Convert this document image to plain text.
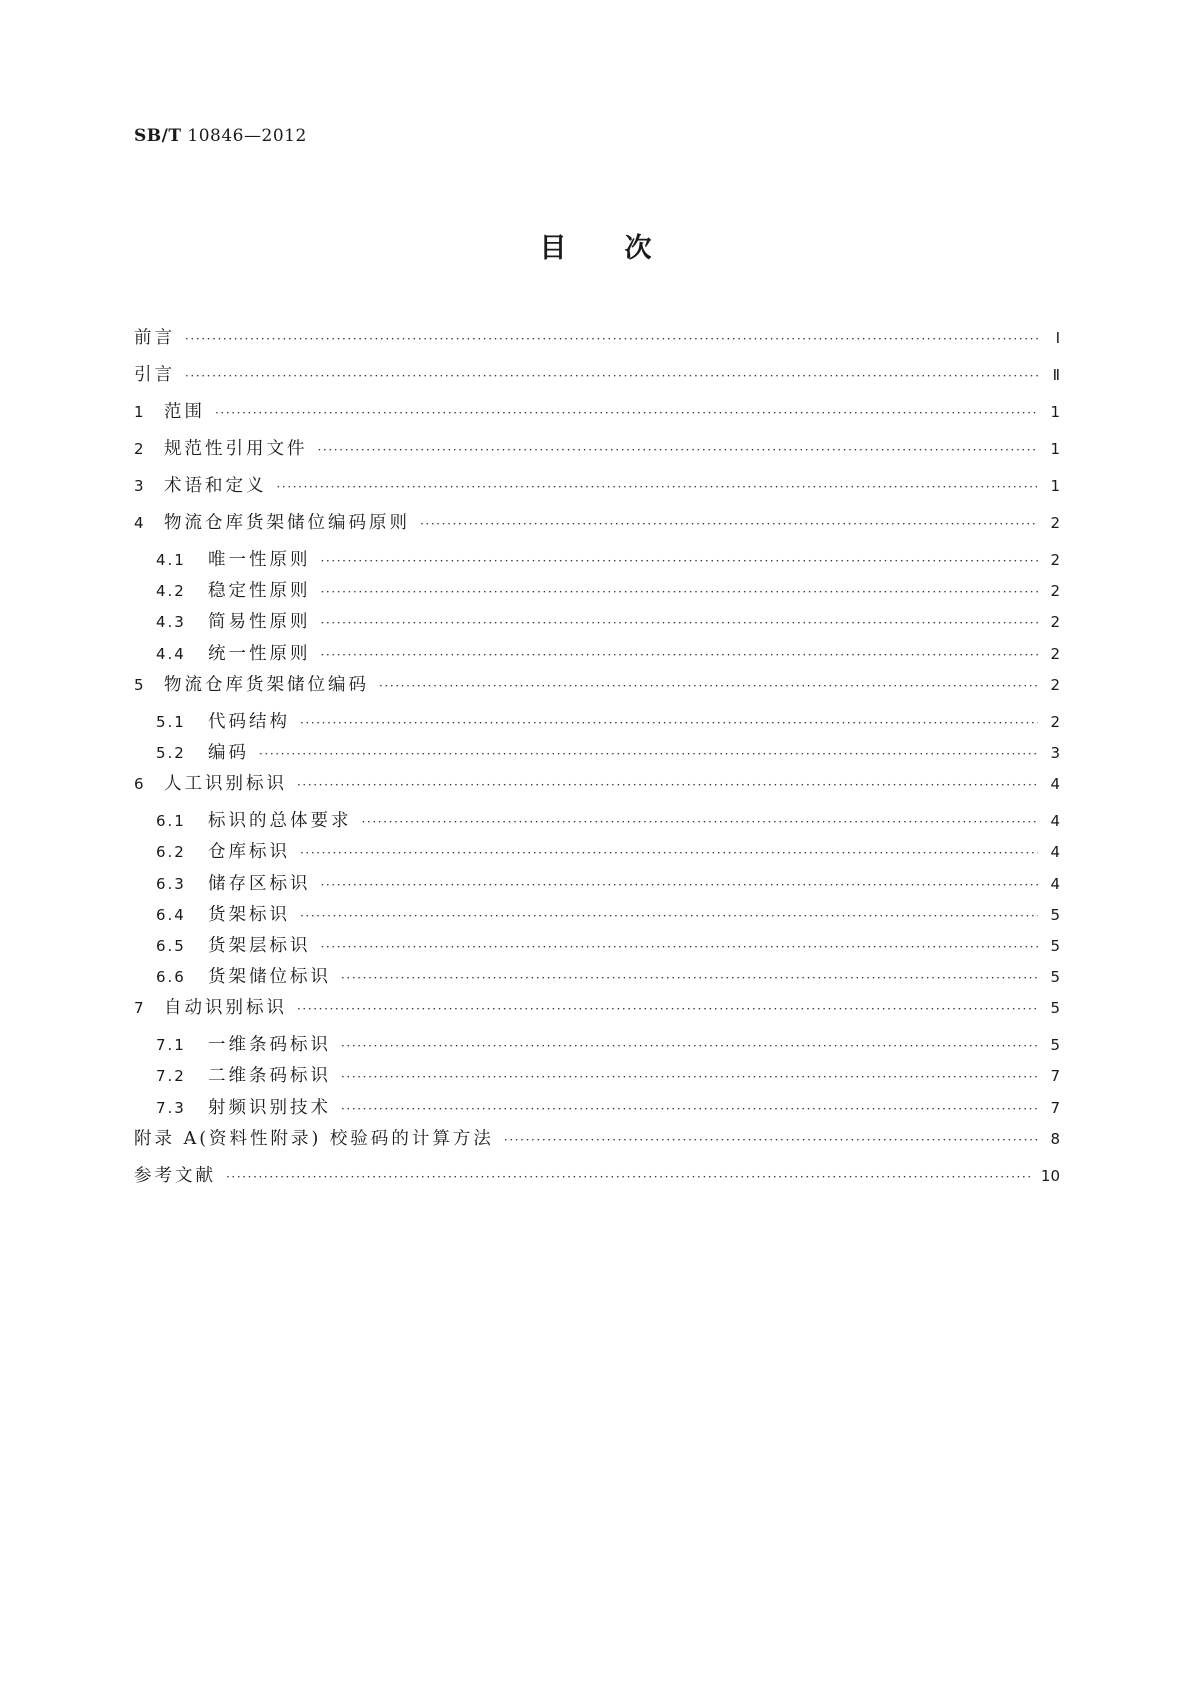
SB/T 10846—2012
目次
前言 ·····	Ⅰ
引言 ·····	Ⅱ
1	范围 ·····	1
2	规范性引用文件 ·····	1
3	术语和定义 ·····	1
4	物流仓库货架储位编码原则 ·····	2
4.1	唯一性原则 ·····	2
4.2	稳定性原则 ·····	2
4.3	简易性原则 ·····	2
4.4	统一性原则 ·····	2
5	物流仓库货架储位编码 ·····	2
5.1	代码结构 ·····	2
5.2	编码 ·····	3
6	人工识别标识 ·····	4
6.1	标识的总体要求 ·····	4
6.2	仓库标识 ·····	4
6.3	储存区标识 ·····	4
6.4	货架标识 ·····	5
6.5	货架层标识 ·····	5
6.6	货架储位标识 ·····	5
7	自动识别标识 ·····	5
7.1	一维条码标识 ·····	5
7.2	二维条码标识 ·····	7
7.3	射频识别技术 ·····	7
附录 A(资料性附录) 校验码的计算方法 ·····	8
参考文献 ·····	10
